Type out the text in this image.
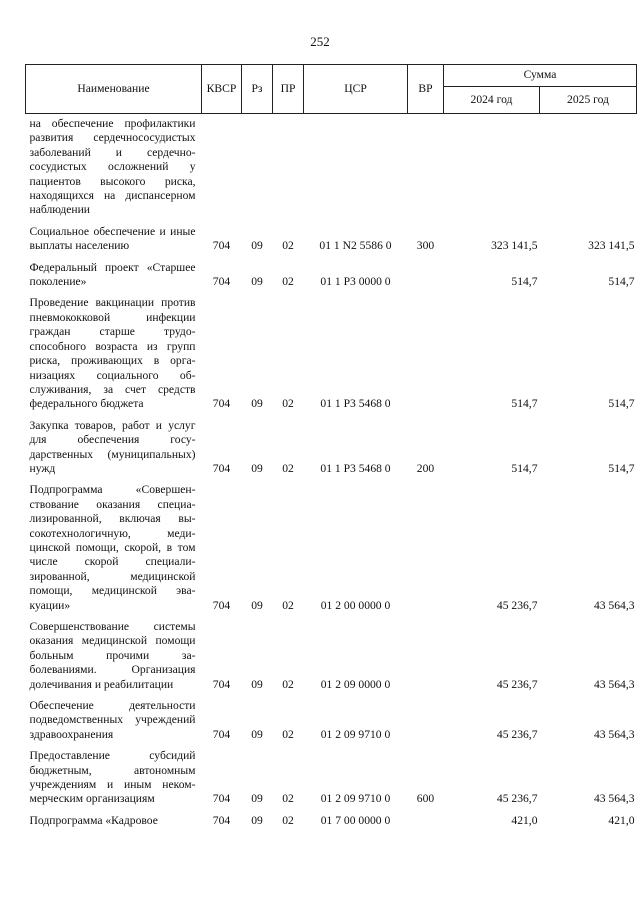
252
Наименование	КВСР	Рз	ПР	ЦСР	ВР	Сумма	
						2024 год	2025 год
на обеспечение профилактики развития сердечнососудистых заболеваний и сердечно-сосудистых осложнений у пациентов высокого риска, находящихся на диспансерном наблюдении							
Социальное обеспечение и иные выплаты населению	704	09	02	01 1 N2 5586 0	300	323 141,5	323 141,5
Федеральный проект «Старшее поколение»	704	09	02	01 1 P3 0000 0		514,7	514,7
Проведение вакцинации против пневмококковой инфекции граждан старше трудоспособного возраста из групп риска, проживающих в организациях социального обслуживания, за счет средств федерального бюджета	704	09	02	01 1 P3 5468 0		514,7	514,7
Закупка товаров, работ и услуг для обеспечения государственных (муниципальных) нужд	704	09	02	01 1 P3 5468 0	200	514,7	514,7
Подпрограмма «Совершенствование оказания специализированной, включая высокотехнологичную, медицинской помощи, скорой, в том числе скорой специализированной, медицинской помощи, медицинской эвакуации»	704	09	02	01 2 00 0000 0		45 236,7	43 564,3
Совершенствование системы оказания медицинской помощи больным прочими заболеваниями. Организация долечивания и реабилитации	704	09	02	01 2 09 0000 0		45 236,7	43 564,3
Обеспечение деятельности подведомственных учреждений здравоохранения	704	09	02	01 2 09 9710 0		45 236,7	43 564,3
Предоставление субсидий бюджетным, автономным учреждениям и иным некоммерческим организациям	704	09	02	01 2 09 9710 0	600	45 236,7	43 564,3
Подпрограмма «Кадровое	704	09	02	01 7 00 0000 0		421,0	421,0
